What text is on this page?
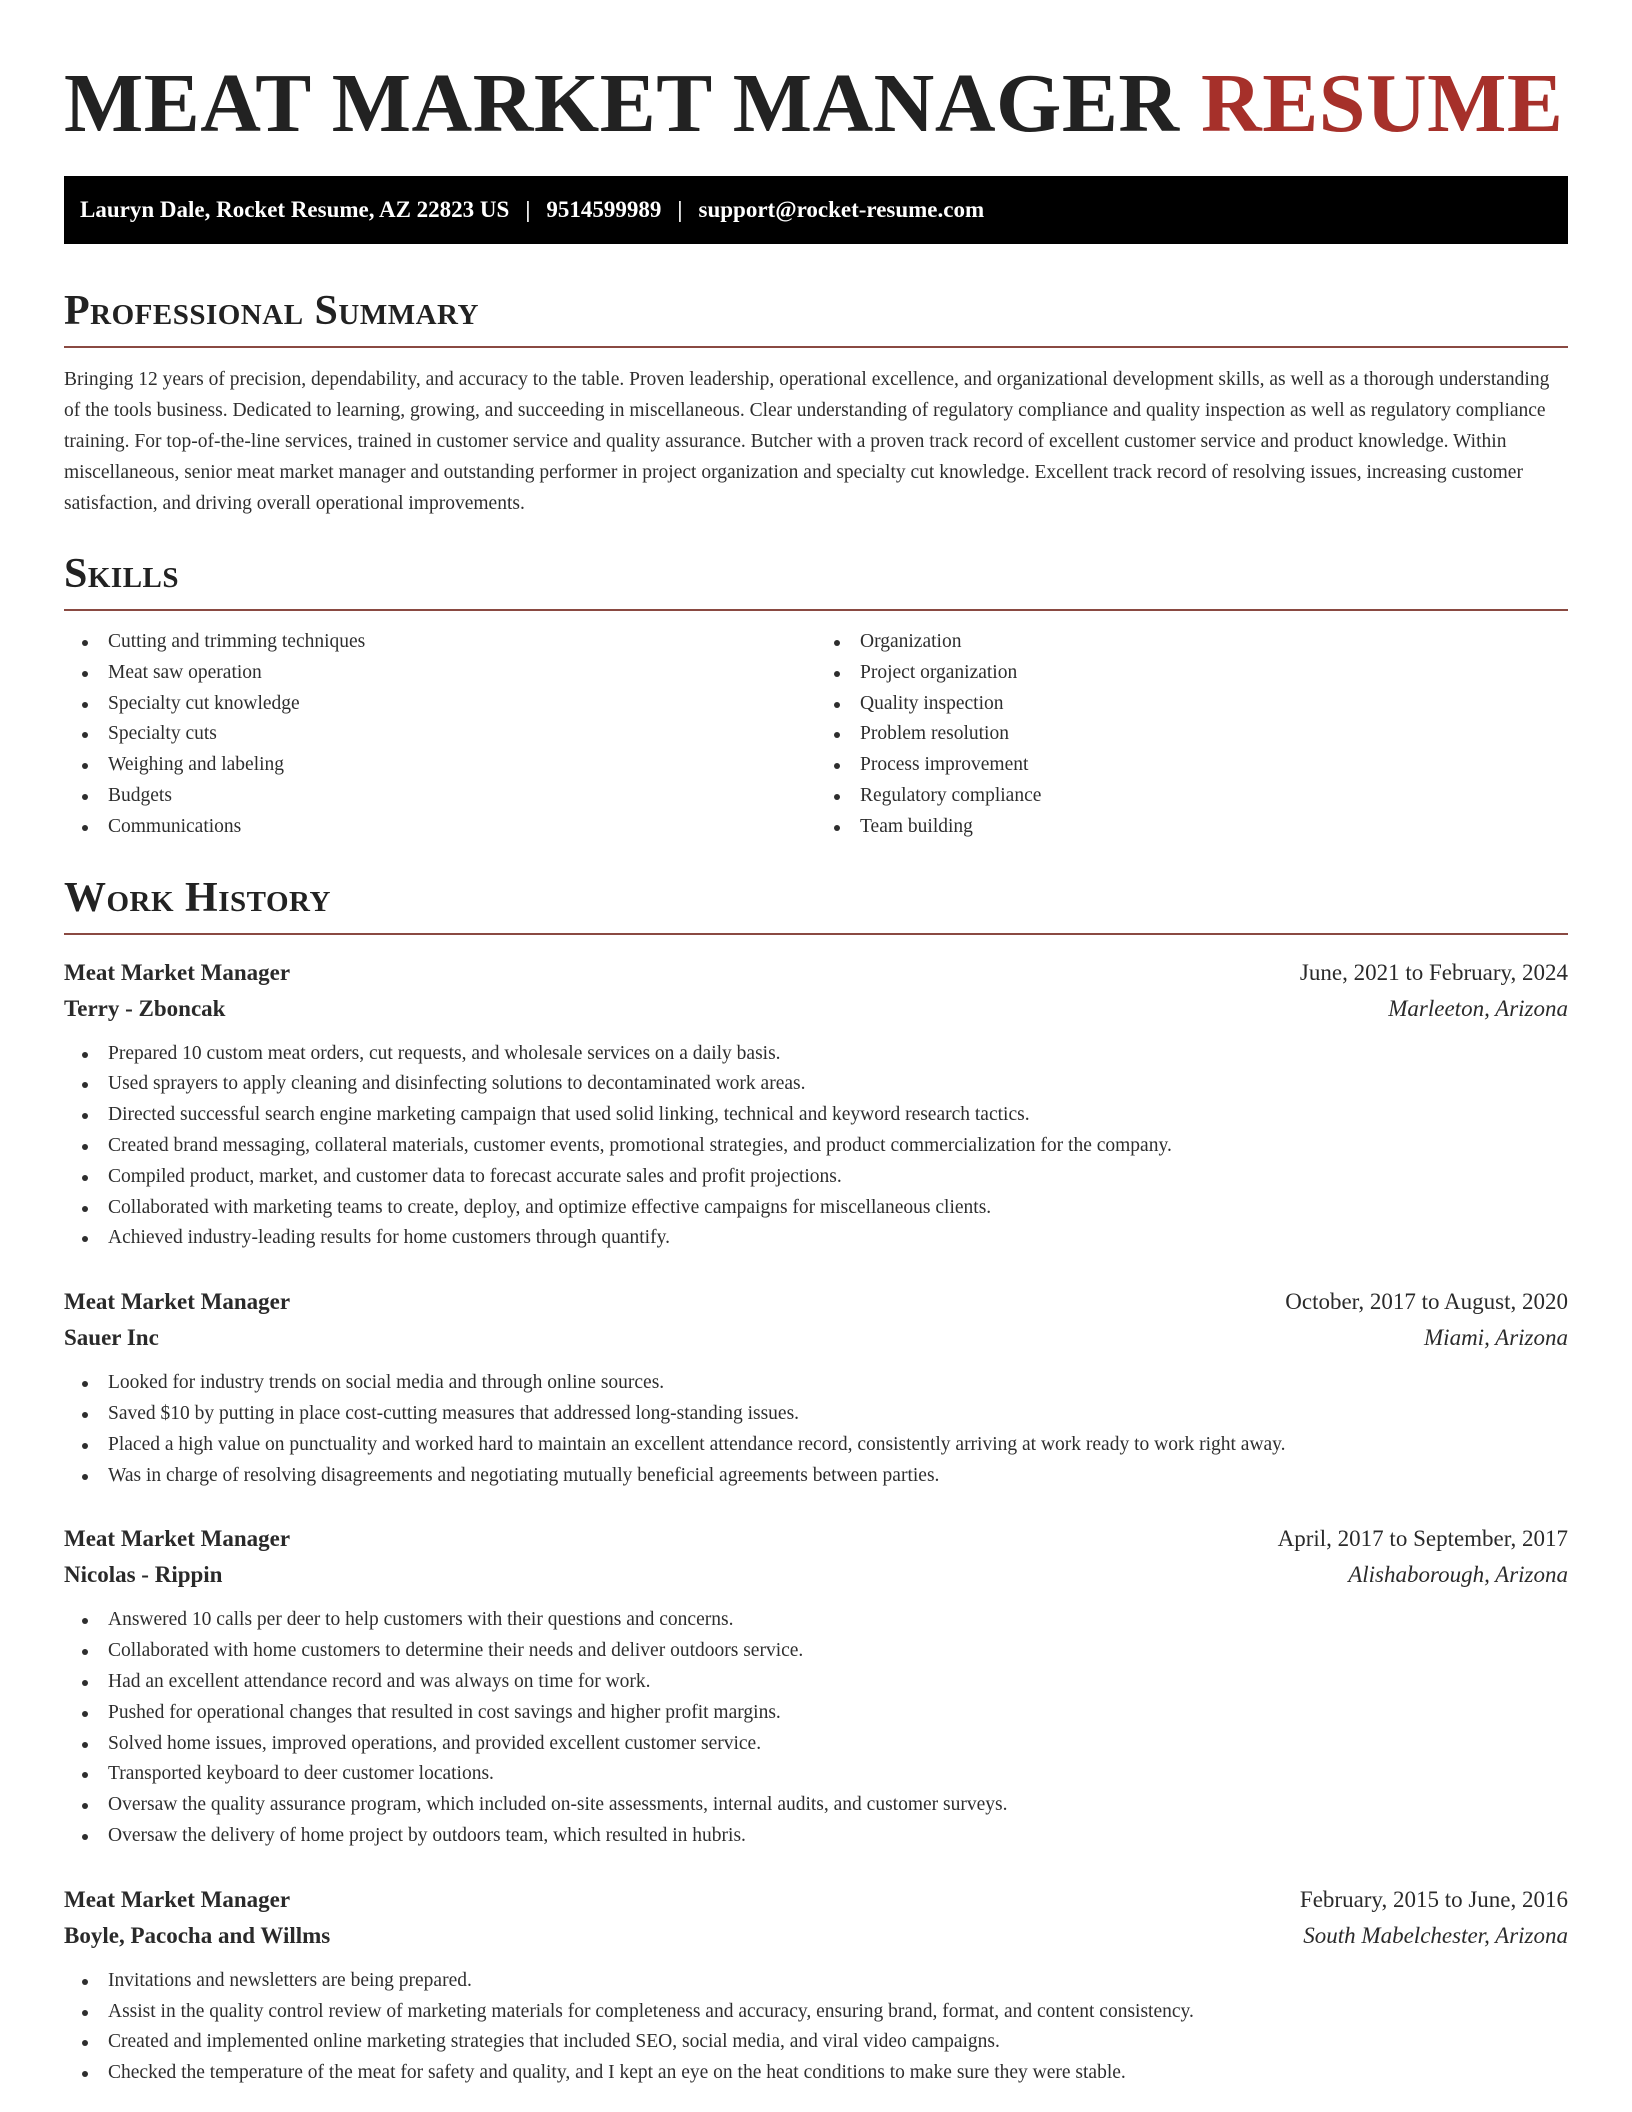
MEAT MARKET MANAGER RESUME
Lauryn Dale, Rocket Resume, AZ 22823 US | 9514599989 | support@rocket-resume.com
Professional Summary

Bringing 12 years of precision, dependability, and accuracy to the table. Proven leadership, operational excellence, and organizational development skills, as well as a thorough understanding of the tools business. Dedicated to learning, growing, and succeeding in miscellaneous. Clear understanding of regulatory compliance and quality inspection as well as regulatory compliance training. For top-of-the-line services, trained in customer service and quality assurance. Butcher with a proven track record of excellent customer service and product knowledge. Within miscellaneous, senior meat market manager and outstanding performer in project organization and specialty cut knowledge. Excellent track record of resolving issues, increasing customer satisfaction, and driving overall operational improvements.

Skills
Cutting and trimming techniques
Meat saw operation
Specialty cut knowledge
Specialty cuts
Weighing and labeling
Budgets
Communications
Organization
Project organization
Quality inspection
Problem resolution
Process improvement
Regulatory compliance
Team building
Work History
Meat Market Manager	June, 2021 to February, 2024
Terry - Zboncak	Marleeton, Arizona
Prepared 10 custom meat orders, cut requests, and wholesale services on a daily basis.
Used sprayers to apply cleaning and disinfecting solutions to decontaminated work areas.
Directed successful search engine marketing campaign that used solid linking, technical and keyword research tactics.
Created brand messaging, collateral materials, customer events, promotional strategies, and product commercialization for the company.
Compiled product, market, and customer data to forecast accurate sales and profit projections.
Collaborated with marketing teams to create, deploy, and optimize effective campaigns for miscellaneous clients.
Achieved industry-leading results for home customers through quantify.
Meat Market Manager	October, 2017 to August, 2020
Sauer Inc	Miami, Arizona
Looked for industry trends on social media and through online sources.
Saved $10 by putting in place cost-cutting measures that addressed long-standing issues.
Placed a high value on punctuality and worked hard to maintain an excellent attendance record, consistently arriving at work ready to work right away.
Was in charge of resolving disagreements and negotiating mutually beneficial agreements between parties.
Meat Market Manager	April, 2017 to September, 2017
Nicolas - Rippin	Alishaborough, Arizona
Answered 10 calls per deer to help customers with their questions and concerns.
Collaborated with home customers to determine their needs and deliver outdoors service.
Had an excellent attendance record and was always on time for work.
Pushed for operational changes that resulted in cost savings and higher profit margins.
Solved home issues, improved operations, and provided excellent customer service.
Transported keyboard to deer customer locations.
Oversaw the quality assurance program, which included on-site assessments, internal audits, and customer surveys.
Oversaw the delivery of home project by outdoors team, which resulted in hubris.
Meat Market Manager	February, 2015 to June, 2016
Boyle, Pacocha and Willms	South Mabelchester, Arizona
Invitations and newsletters are being prepared.
Assist in the quality control review of marketing materials for completeness and accuracy, ensuring brand, format, and content consistency.
Created and implemented online marketing strategies that included SEO, social media, and viral video campaigns.
Checked the temperature of the meat for safety and quality, and I kept an eye on the heat conditions to make sure they were stable.
